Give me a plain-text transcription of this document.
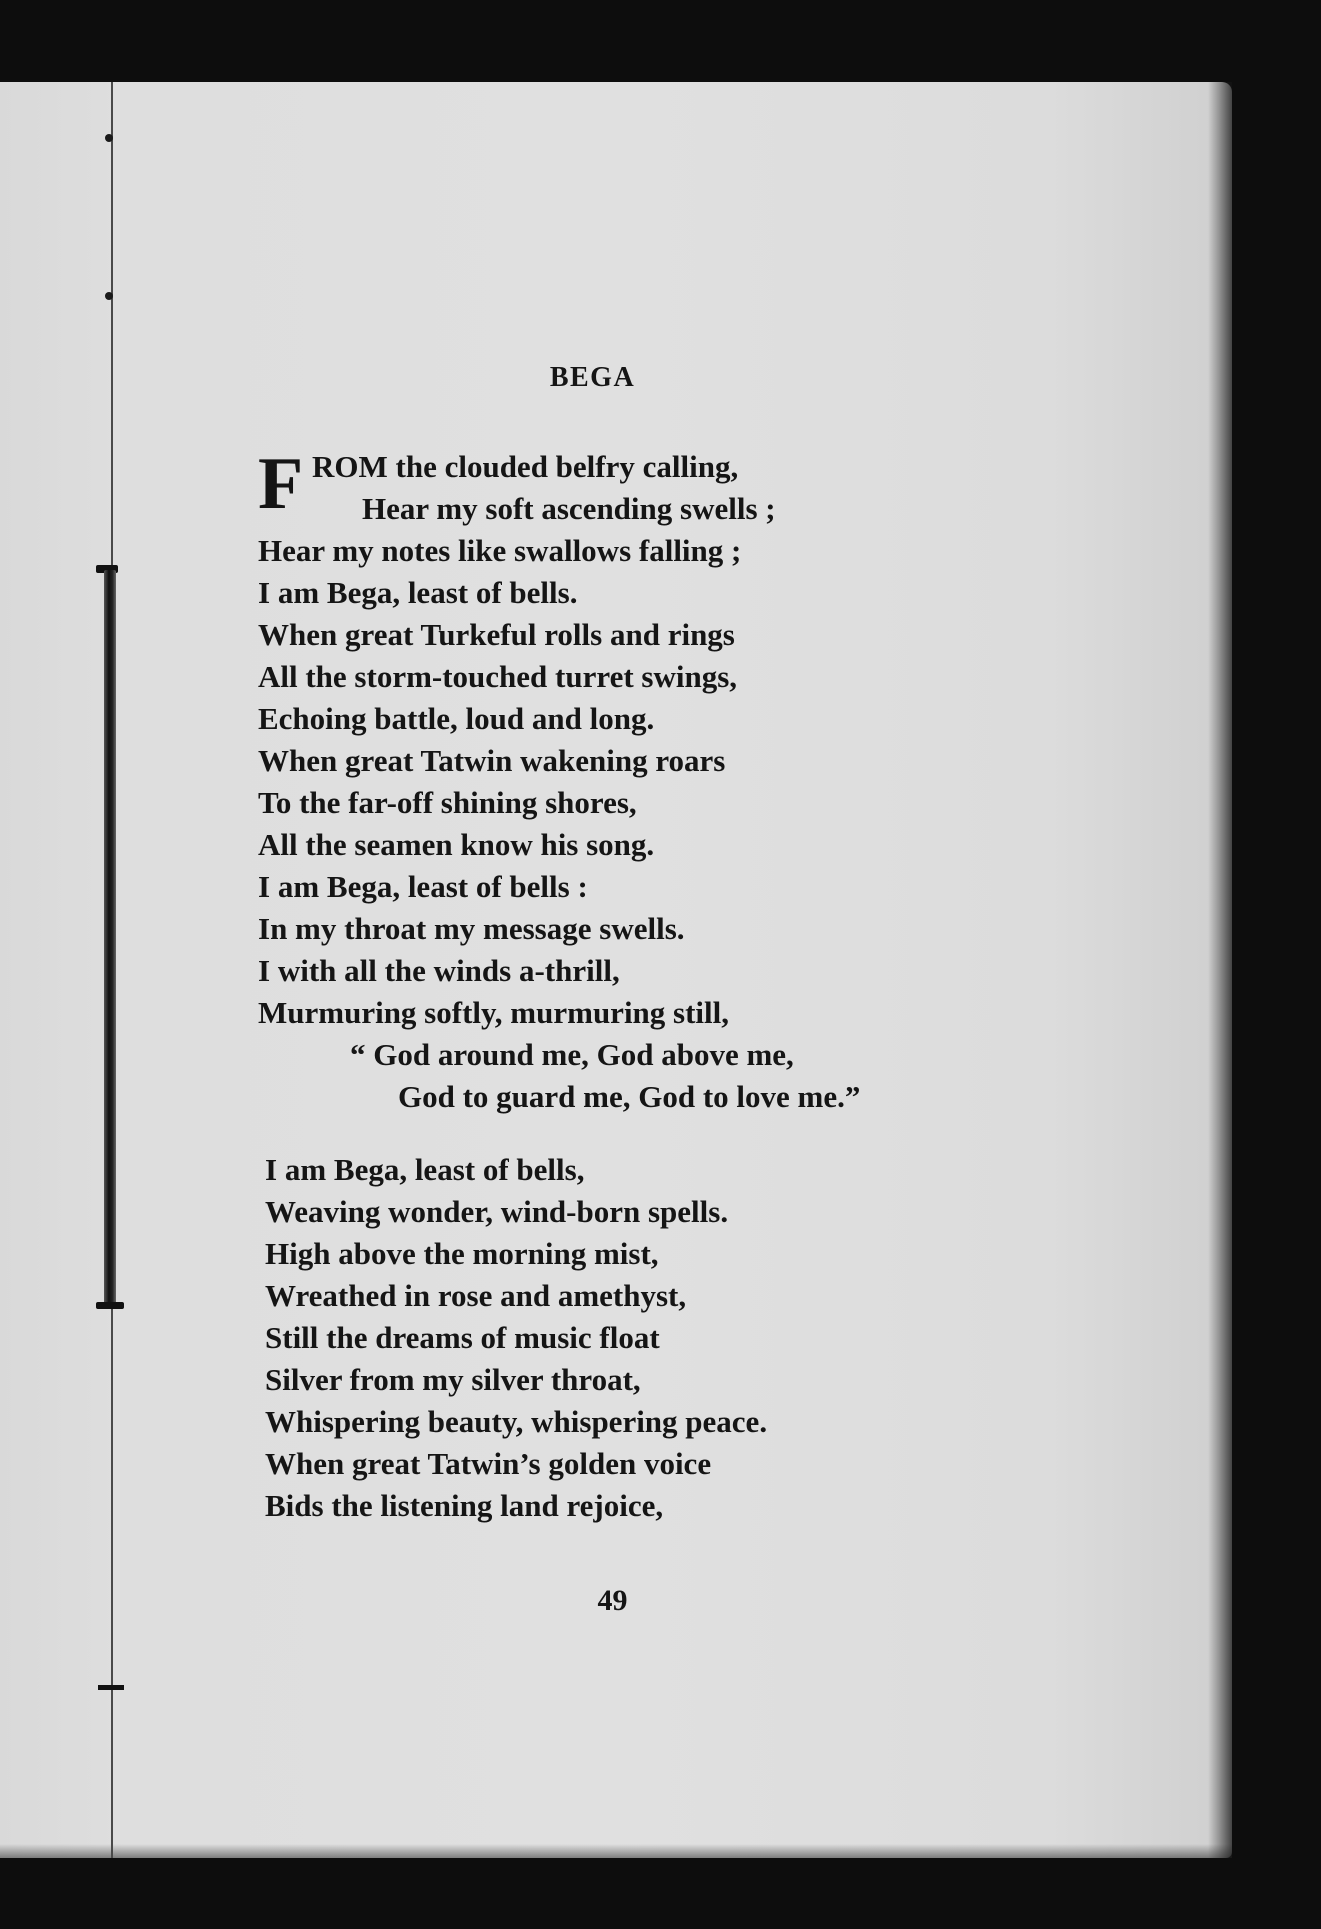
BEGA
F ROM the clouded belfry calling,
Hear my soft ascending swells ;
Hear my notes like swallows falling ;
I am Bega, least of bells.
When great Turkeful rolls and rings
All the storm-touched turret swings,
Echoing battle, loud and long.
When great Tatwin wakening roars
To the far-off shining shores,
All the seamen know his song.
I am Bega, least of bells :
In my throat my message swells.
I with all the winds a-thrill,
Murmuring softly, murmuring still,
“ God around me, God above me,
God to guard me, God to love me.”
I am Bega, least of bells,
Weaving wonder, wind-born spells.
High above the morning mist,
Wreathed in rose and amethyst,
Still the dreams of music float
Silver from my silver throat,
Whispering beauty, whispering peace.
When great Tatwin’s golden voice
Bids the listening land rejoice,
49
